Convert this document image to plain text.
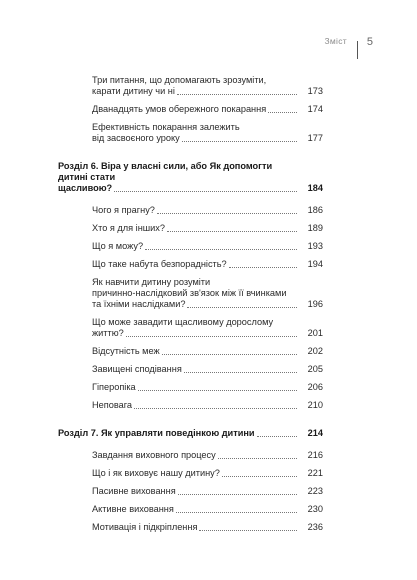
Зміст 5
Три питання, що допомагають зрозуміти,
карати дитину чи ні	173
Дванадцять умов обережного покарання	174
Ефективність покарання залежить
від засвоєного уроку	177
Розділ 6. Віра у власні сили, або Як допомогти дитині стати
щасливою?	184
Чого я прагну?	186
Хто я для інших?	189
Що я можу?	193
Що таке набута безпорадність?	194
Як навчити дитину розуміти
причинно-наслідковий зв'язок між її вчинками
та їхніми наслідками?	196
Що може завадити щасливому дорослому
життю?	201
Відсутність меж	202
Завищені сподівання	205
Гіперопіка	206
Неповага	210
Розділ 7. Як управляти поведінкою дитини	214
Завдання виховного процесу	216
Що і як виховує нашу дитину?	221
Пасивне виховання	223
Активне виховання	230
Мотивація і підкріплення	236
